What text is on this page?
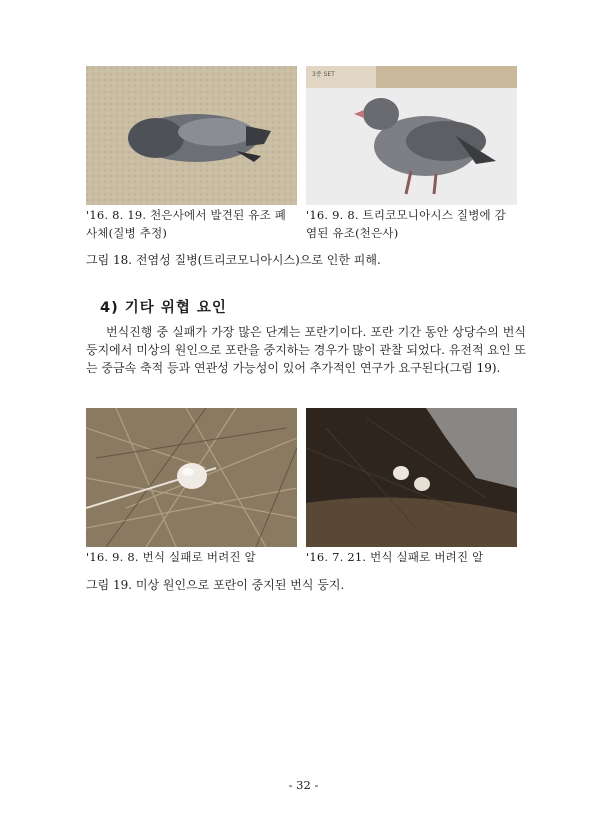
3종 SET
'16. 8. 19. 천은사에서 발견된 유조 폐
사체(질병 추정)
'16. 9. 8. 트리코모니아시스 질병에 감
염된 유조(천은사)
그림 18. 전염성 질병(트리코모니아시스)으로 인한 피해.
4) 기타 위협 요인
번식진행 중 실패가 가장 많은 단계는 포란기이다. 포란 기간 동안 상당수의 번식 둥지에서 미상의 원인으로 포란을 중지하는 경우가 많이 관찰 되었다. 유전적 요인 또는 중금속 축적 등과 연관성 가능성이 있어 추가적인 연구가 요구된다(그림 19).
'16. 9. 8. 번식 실패로 버려진 알	'16. 7. 21. 번식 실패로 버려진 알
그림 19. 미상 원인으로 포란이 중지된 번식 둥지.
- 32 -
